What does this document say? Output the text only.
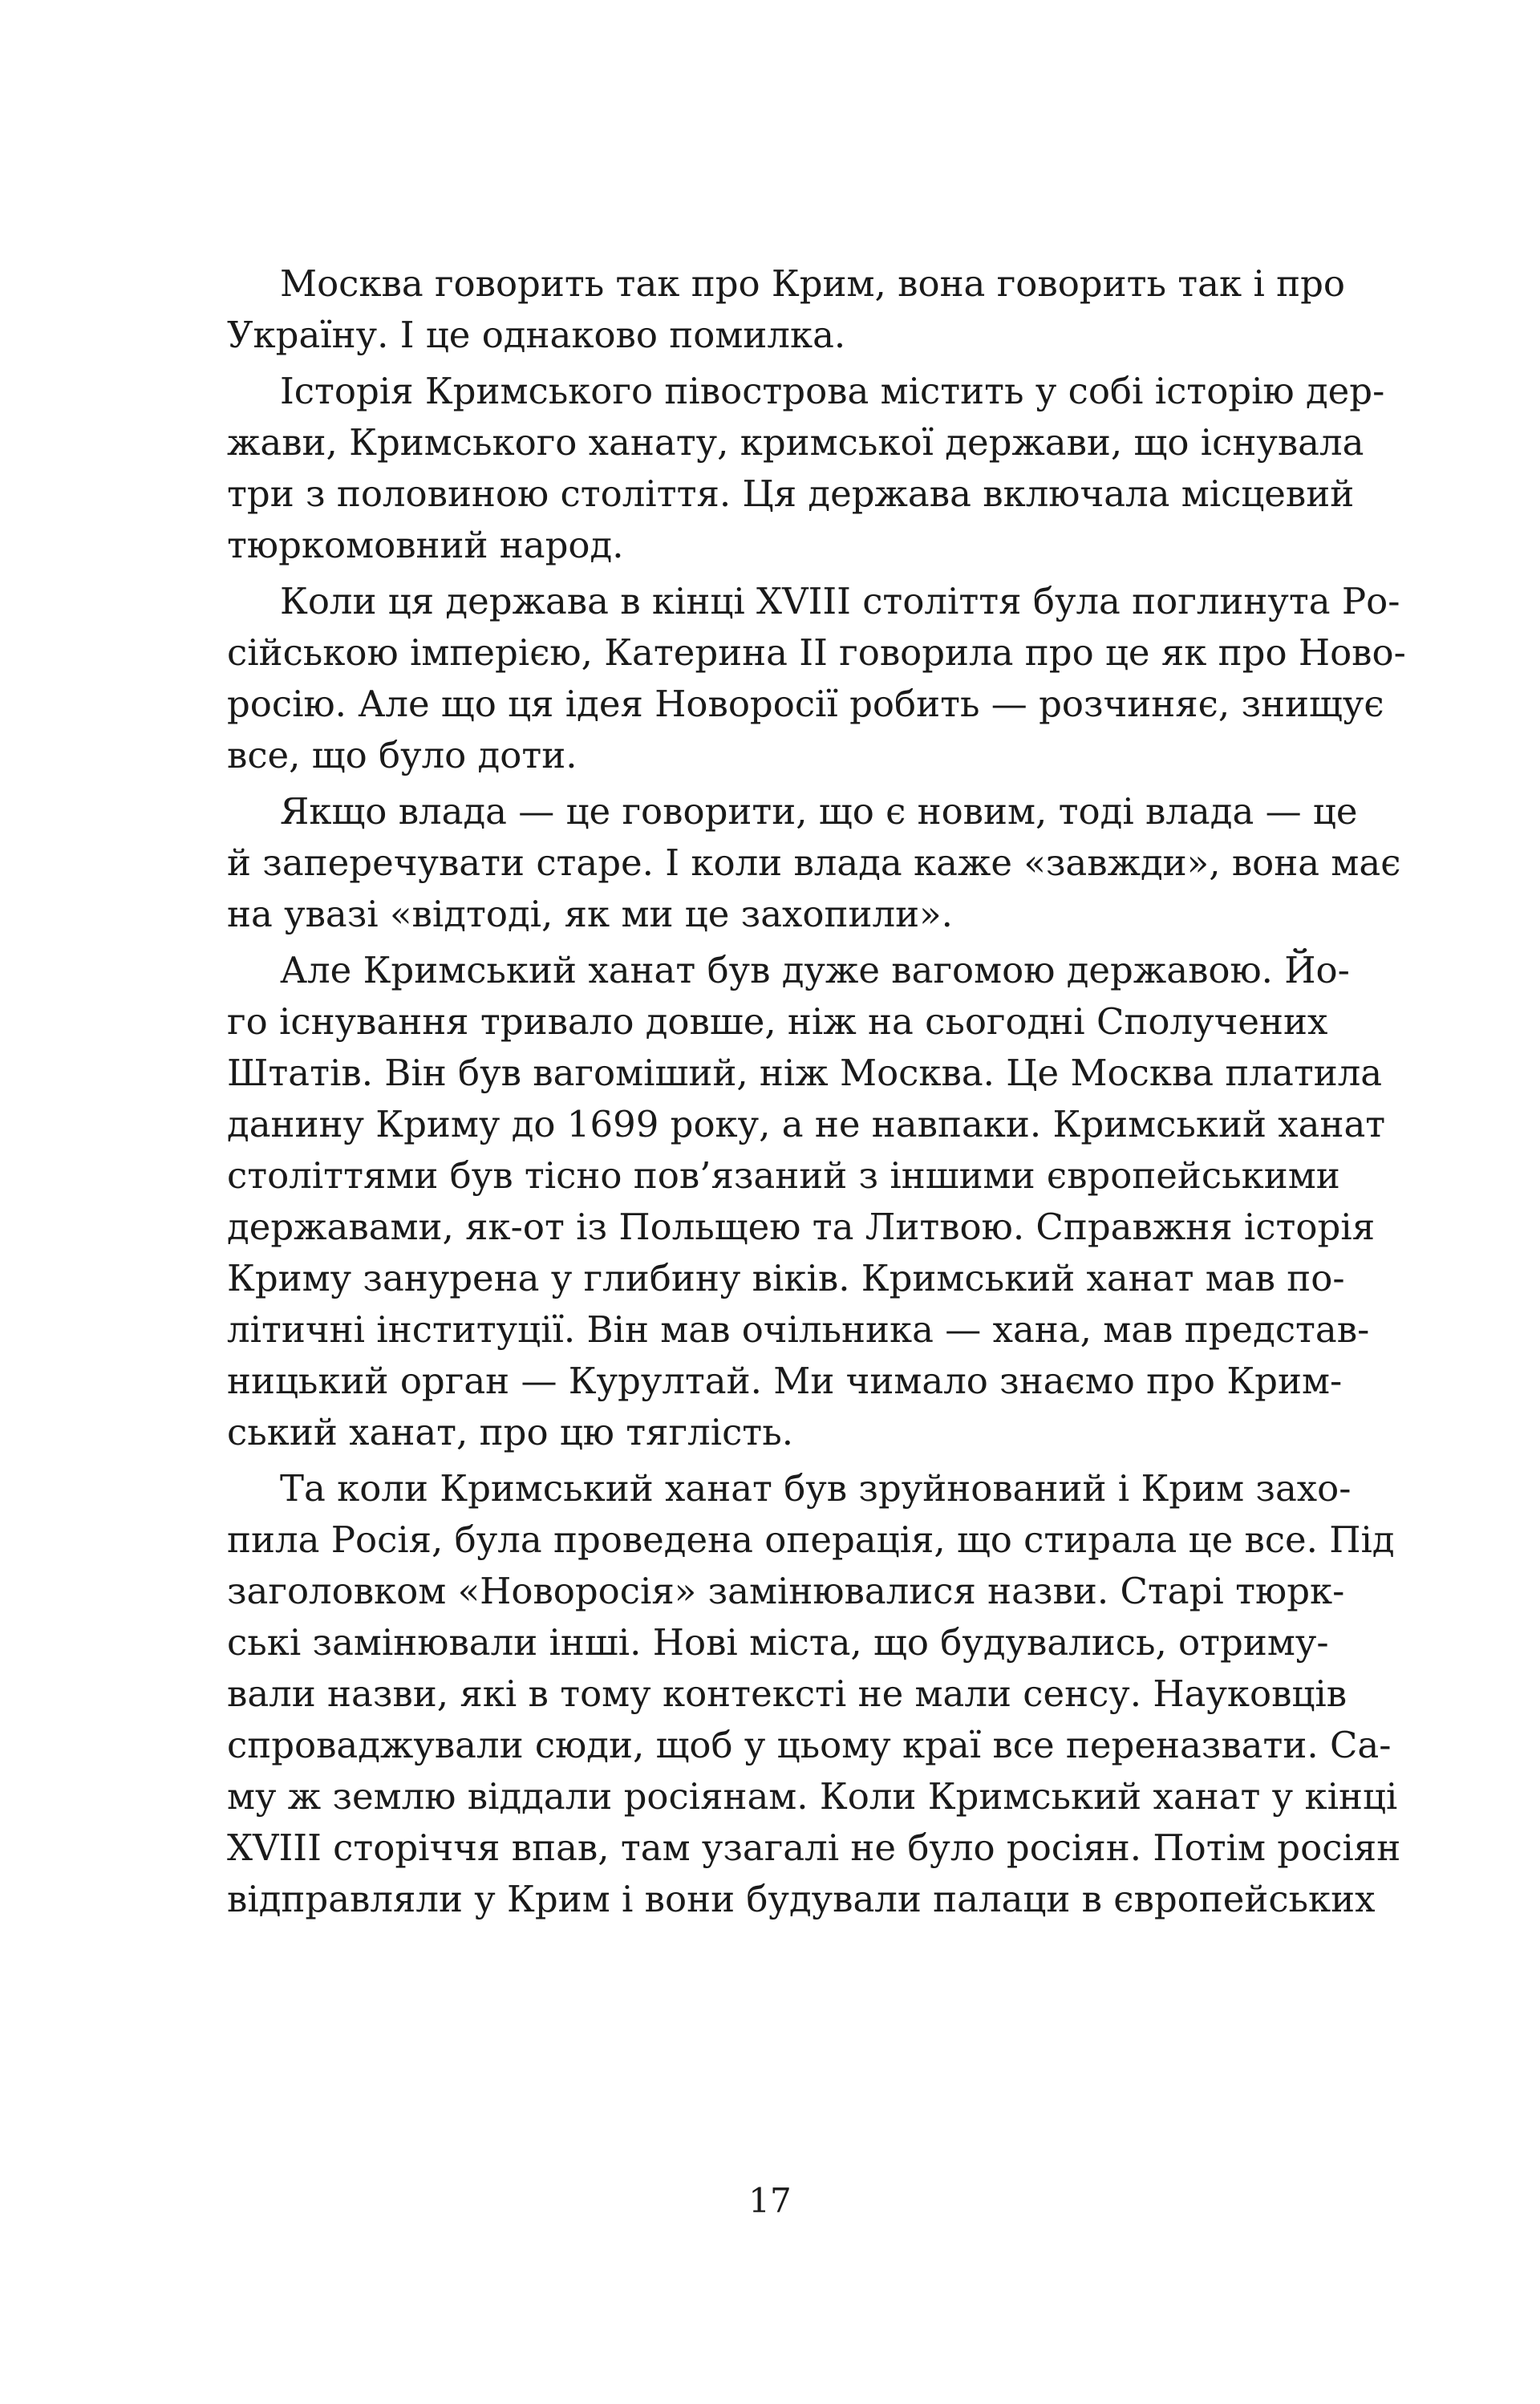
Москва говорить так про Крим, вона говорить так і про
Україну. І це однаково помилка.
Історія Кримського півострова містить у собі історію дер-
жави, Кримського ханату, кримської держави, що існувала
три з половиною століття. Ця держава включала місцевий
тюркомовний народ.
Коли ця держава в кінці XVIII століття була поглинута Ро-
сійською імперією, Катерина ІІ говорила про це як про Ново-
росію. Але що ця ідея Новоросії робить — розчиняє, знищує
все, що було доти.
Якщо влада — це говорити, що є новим, тоді влада — це
й заперечувати старе. І коли влада каже «завжди», вона має
на увазі «відтоді, як ми це захопили».
Але Кримський ханат був дуже вагомою державою. Йо-
го існування тривало довше, ніж на сьогодні Сполучених
Штатів. Він був вагоміший, ніж Москва. Це Москва платила
данину Криму до 1699 року, а не навпаки. Кримський ханат
століттями був тісно пов’язаний з іншими європейськими
державами, як-от із Польщею та Литвою. Справжня історія
Криму занурена у глибину віків. Кримський ханат мав по-
літичні інституції. Він мав очільника — хана, мав представ-
ницький орган — Курултай. Ми чимало знаємо про Крим-
ський ханат, про цю тяглість.
Та коли Кримський ханат був зруйнований і Крим захо-
пила Росія, була проведена операція, що стирала це все. Під
заголовком «Новоросія» замінювалися назви. Старі тюрк-
ські замінювали інші. Нові міста, що будувались, отриму-
вали назви, які в тому контексті не мали сенсу. Науковців
спроваджували сюди, щоб у цьому краї все переназвати. Са-
му ж землю віддали росіянам. Коли Кримський ханат у кінці
XVIII сторіччя впав, там узагалі не було росіян. Потім росіян
відправляли у Крим і вони будували палаци в європейських
17
